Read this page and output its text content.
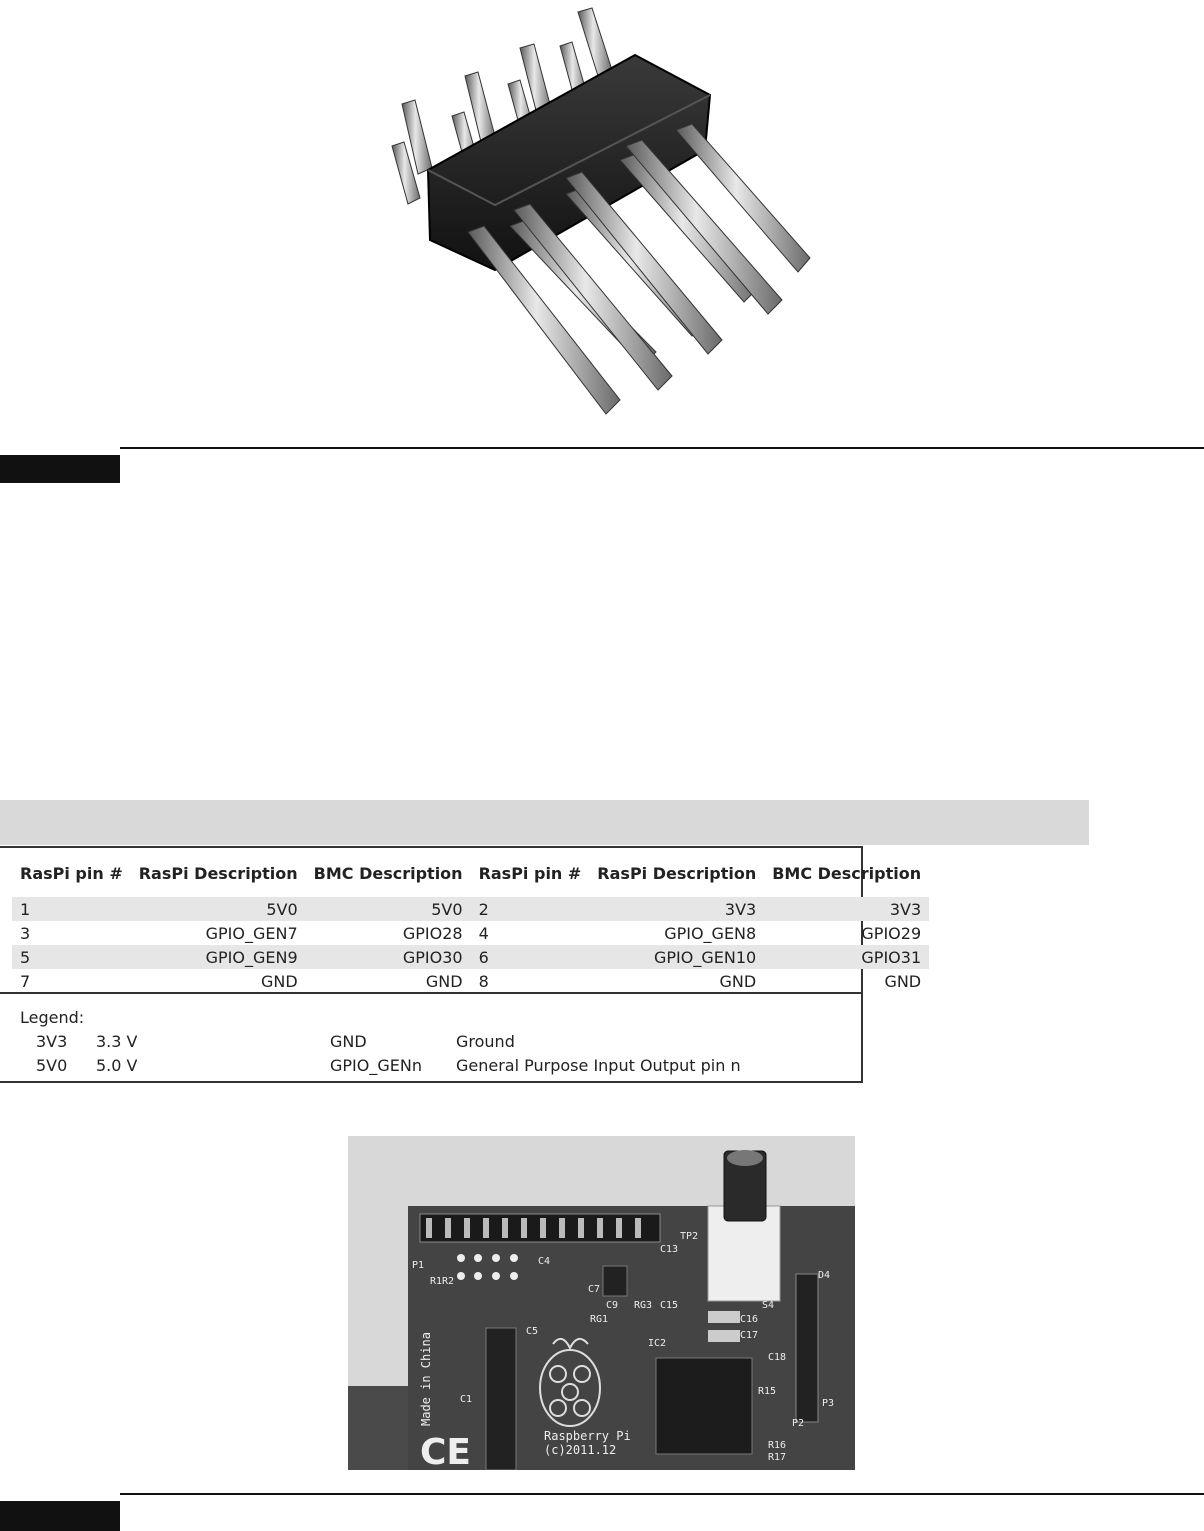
RasPi pin #	RasPi Description	BMC Description	RasPi pin #	RasPi Description	BMC Description
1	5V0	5V0	2	3V3	3V3
3	GPIO_GEN7	GPIO28	4	GPIO_GEN8	GPIO29
5	GPIO_GEN9	GPIO30	6	GPIO_GEN10	GPIO31
7	GND	GND	8	GND	GND
Legend:
3V3 3.3 V	GND	Ground
5V0 5.0 V	GPIO_GENn General Purpose Input Output pin n
CE
P1
R1 R2
C4
C7
C13
TP2
C9 RG3 C15
RG1
C5
C1
IC2
C16
C17
C18
R15
D4
S4
P2
P3
R16
R17
Raspberry Pi
(c)2011.12
Made in China
